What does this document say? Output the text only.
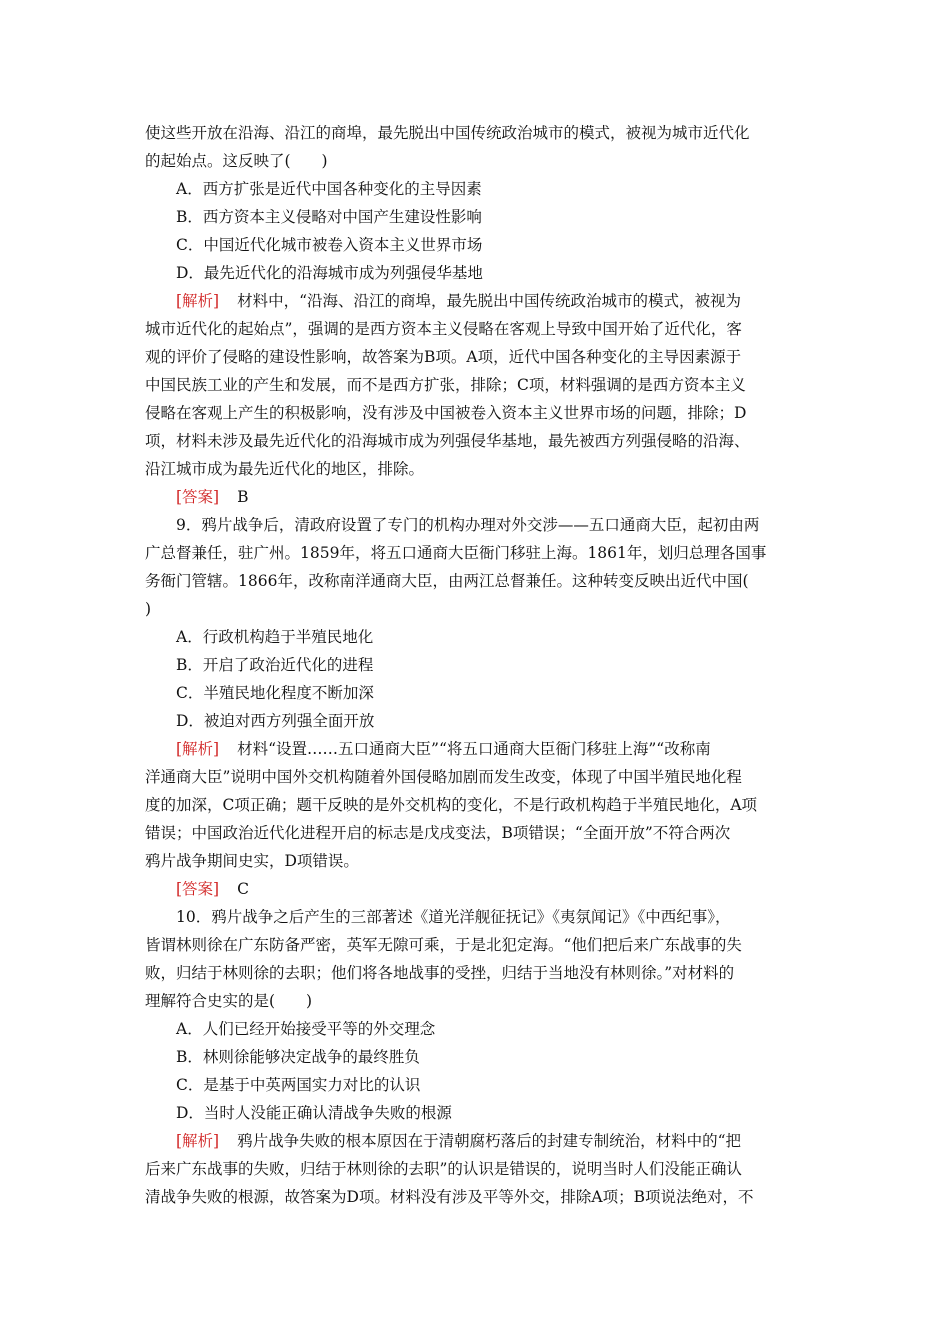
使这些开放在沿海、沿江的商埠，最先脱出中国传统政治城市的模式，被视为城市近代化
的起始点。这反映了(　　)
A．西方扩张是近代中国各种变化的主导因素
B．西方资本主义侵略对中国产生建设性影响
C．中国近代化城市被卷入资本主义世界市场
D．最先近代化的沿海城市成为列强侵华基地
[解析] 材料中，“沿海、沿江的商埠，最先脱出中国传统政治城市的模式，被视为
城市近代化的起始点”，强调的是西方资本主义侵略在客观上导致中国开始了近代化，客
观的评价了侵略的建设性影响，故答案为B项。A项，近代中国各种变化的主导因素源于
中国民族工业的产生和发展，而不是西方扩张，排除；C项，材料强调的是西方资本主义
侵略在客观上产生的积极影响，没有涉及中国被卷入资本主义世界市场的问题，排除；D
项，材料未涉及最先近代化的沿海城市成为列强侵华基地，最先被西方列强侵略的沿海、
沿江城市成为最先近代化的地区，排除。
[答案] B
9．鸦片战争后，清政府设置了专门的机构办理对外交涉——五口通商大臣，起初由两
广总督兼任，驻广州。1859年，将五口通商大臣衙门移驻上海。1861年，划归总理各国事
务衙门管辖。1866年，改称南洋通商大臣，由两江总督兼任。这种转变反映出近代中国(
)
A．行政机构趋于半殖民地化
B．开启了政治近代化的进程
C．半殖民地化程度不断加深
D．被迫对西方列强全面开放
[解析] 材料“设置……五口通商大臣”“将五口通商大臣衙门移驻上海”“改称南
洋通商大臣”说明中国外交机构随着外国侵略加剧而发生改变，体现了中国半殖民地化程
度的加深，C项正确；题干反映的是外交机构的变化，不是行政机构趋于半殖民地化，A项
错误；中国政治近代化进程开启的标志是戊戌变法，B项错误；“全面开放”不符合两次
鸦片战争期间史实，D项错误。
[答案] C
10．鸦片战争之后产生的三部著述《道光洋舰征抚记》《夷氛闻记》《中西纪事》，
皆谓林则徐在广东防备严密，英军无隙可乘，于是北犯定海。“他们把后来广东战事的失
败，归结于林则徐的去职；他们将各地战事的受挫，归结于当地没有林则徐。”对材料的
理解符合史实的是(　　)
A．人们已经开始接受平等的外交理念
B．林则徐能够决定战争的最终胜负
C．是基于中英两国实力对比的认识
D．当时人没能正确认清战争失败的根源
[解析] 鸦片战争失败的根本原因在于清朝腐朽落后的封建专制统治，材料中的“把
后来广东战事的失败，归结于林则徐的去职”的认识是错误的，说明当时人们没能正确认
清战争失败的根源，故答案为D项。材料没有涉及平等外交，排除A项；B项说法绝对，不
